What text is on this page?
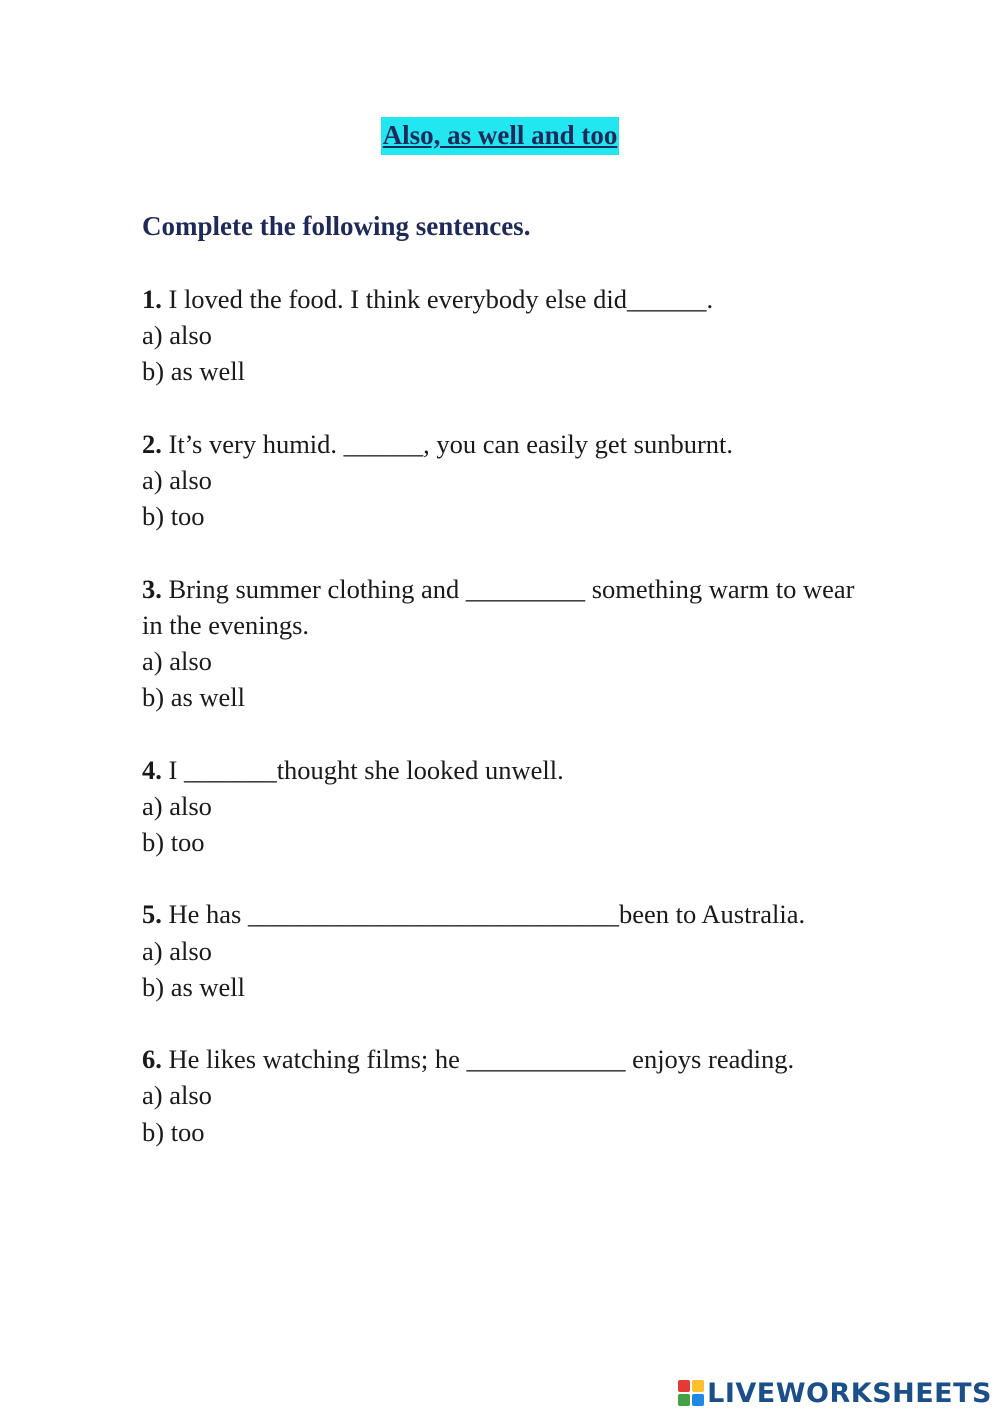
Also, as well and too
Complete the following sentences.
1. I loved the food. I think everybody else did______.
a) also
b) as well
2. It’s very humid. ______, you can easily get sunburnt.
a) also
b) too
3. Bring summer clothing and _________ something warm to wear in the evenings.
a) also
b) as well
4. I _______thought she looked unwell.
a) also
b) too
5. He has ____________________________been to Australia.
a) also
b) as well
6. He likes watching films; he ____________ enjoys reading.
a) also
b) too
LIVEWORKSHEETS
